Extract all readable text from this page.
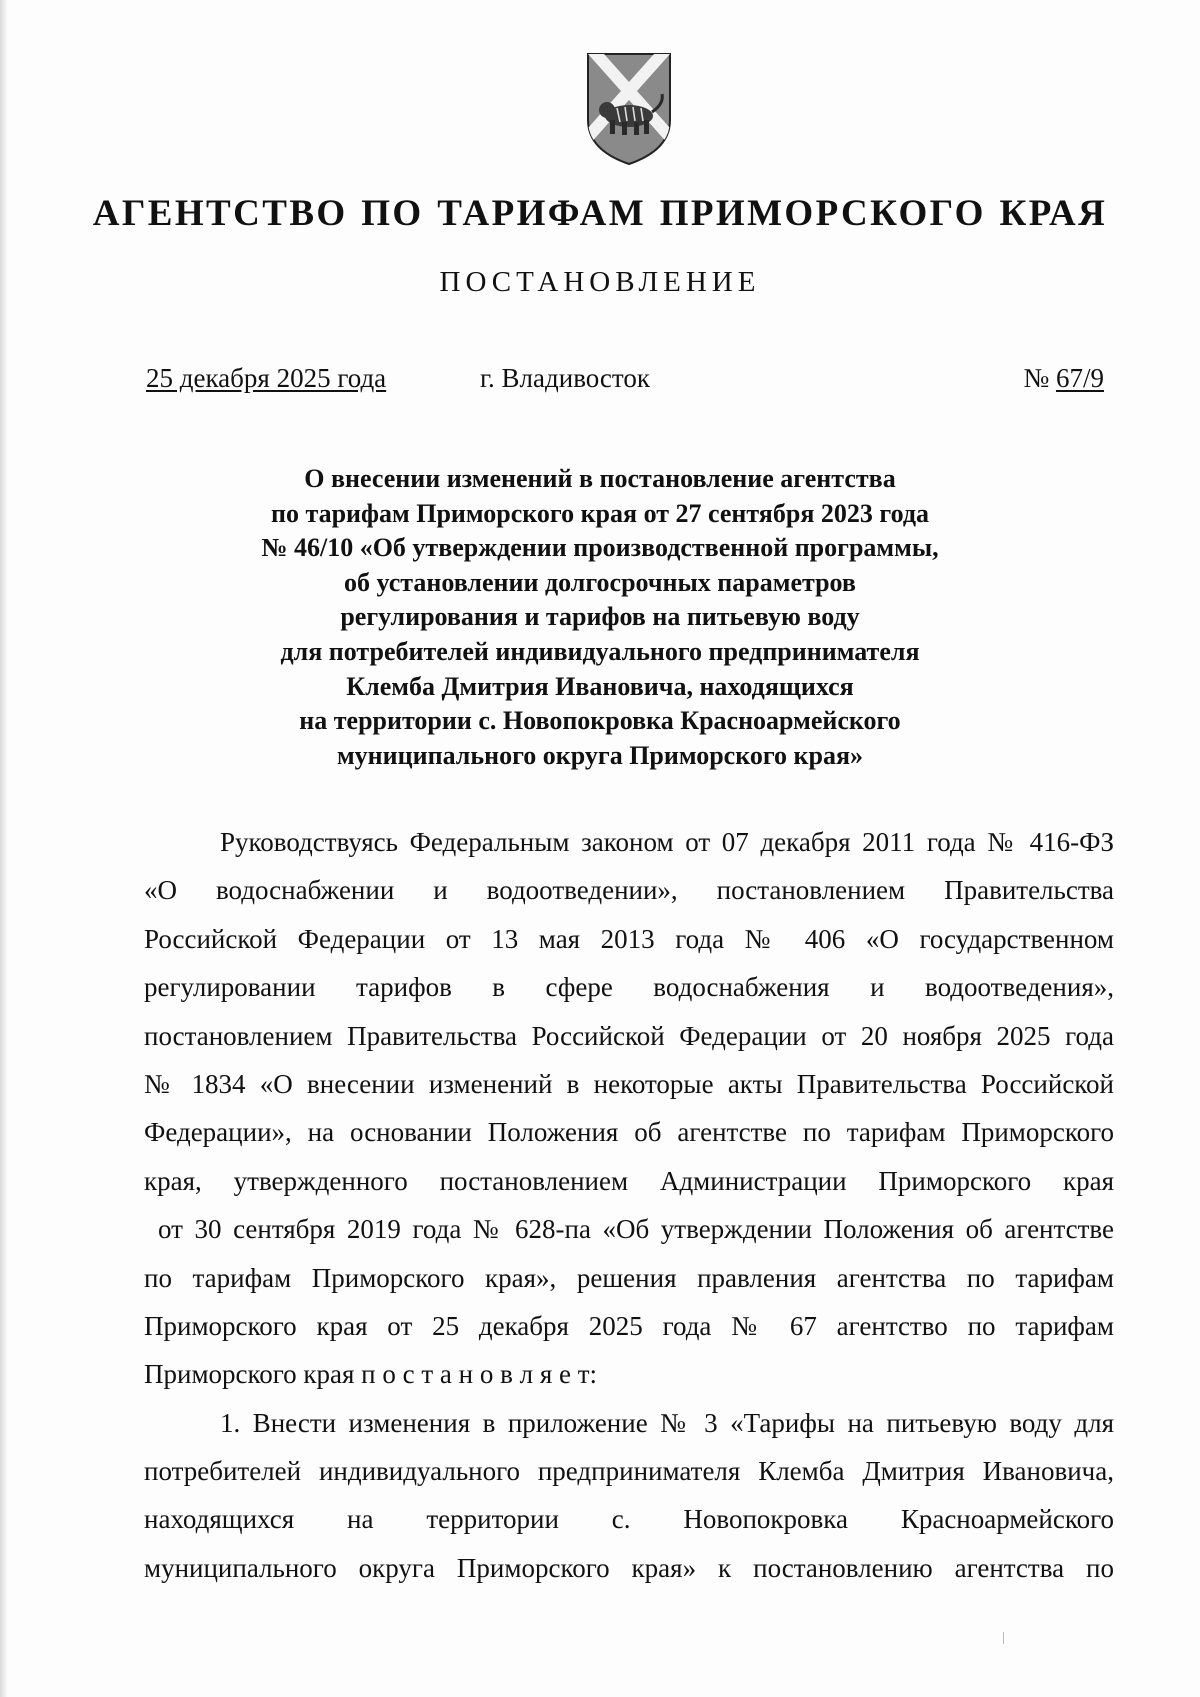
АГЕНТСТВО ПО ТАРИФАМ ПРИМОРСКОГО КРАЯ
ПОСТАНОВЛЕНИЕ
25 декабря 2025 года	г. Владивосток	№ 67/9
О внесении изменений в постановление агентства
по тарифам Приморского края от 27 сентября 2023 года
№ 46/10 «Об утверждении производственной программы,
об установлении долгосрочных параметров
регулирования и тарифов на питьевую воду
для потребителей индивидуального предпринимателя
Клемба Дмитрия Ивановича, находящихся
на территории с. Новопокровка Красноармейского
муниципального округа Приморского края»
Руководствуясь Федеральным законом от 07 декабря 2011 года № 416-ФЗ
«О водоснабжении и водоотведении», постановлением Правительства
Российской Федерации от 13 мая 2013 года № 406 «О государственном
регулировании тарифов в сфере водоснабжения и водоотведения»,
постановлением Правительства Российской Федерации от 20 ноября 2025 года
№ 1834 «О внесении изменений в некоторые акты Правительства Российской
Федерации», на основании Положения об агентстве по тарифам Приморского
края, утвержденного постановлением Администрации Приморского края
от 30 сентября 2019 года № 628-па «Об утверждении Положения об агентстве
по тарифам Приморского края», решения правления агентства по тарифам
Приморского края от 25 декабря 2025 года № 67 агентство по тарифам
Приморского края п о с т а н о в л я е т:
1. Внести изменения в приложение № 3 «Тарифы на питьевую воду для
потребителей индивидуального предпринимателя Клемба Дмитрия Ивановича,
находящихся на территории с. Новопокровка Красноармейского
муниципального округа Приморского края» к постановлению агентства по
